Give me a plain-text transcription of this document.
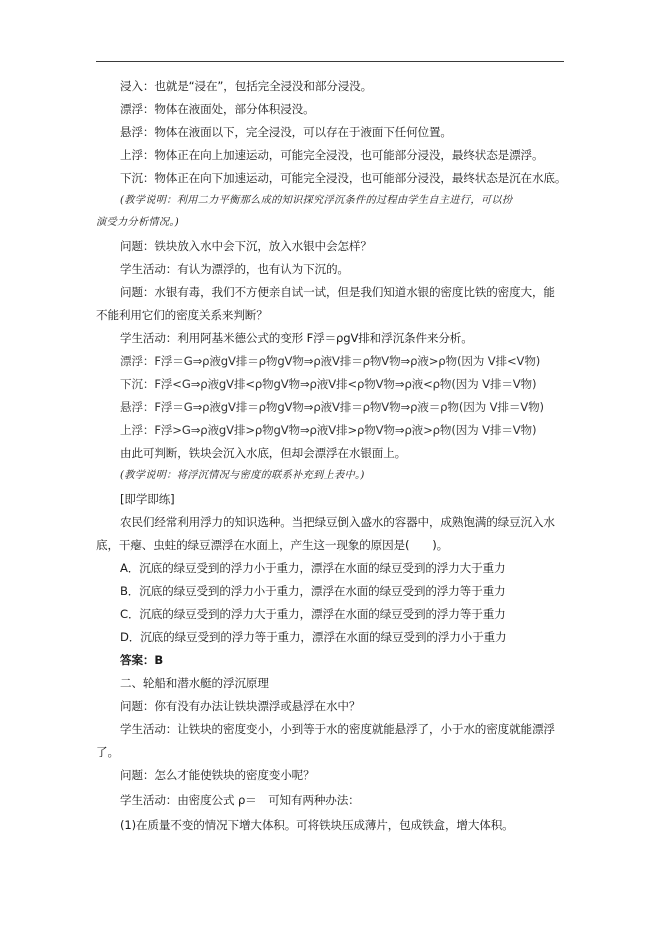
浸入：也就是“浸在”，包括完全浸没和部分浸没。
漂浮：物体在液面处，部分体积浸没。
悬浮：物体在液面以下，完全浸没，可以存在于液面下任何位置。
上浮：物体正在向上加速运动，可能完全浸没，也可能部分浸没，最终状态是漂浮。
下沉：物体正在向下加速运动，可能完全浸没，也可能部分浸没，最终状态是沉在水底。
(教学说明：利用二力平衡那么成的知识探究浮沉条件的过程由学生自主进行，可以扮
演受力分析情况。)
问题：铁块放入水中会下沉，放入水银中会怎样？
学生活动：有认为漂浮的，也有认为下沉的。
问题：水银有毒，我们不方便亲自试一试，但是我们知道水银的密度比铁的密度大，能
不能利用它们的密度关系来判断？
学生活动：利用阿基米德公式的变形 F浮＝ρgV排和浮沉条件来分析。
漂浮：F浮＝G⇒ρ液gV排＝ρ物gV物⇒ρ液V排＝ρ物V物⇒ρ液>ρ物(因为 V排<V物)
下沉：F浮<G⇒ρ液gV排<ρ物gV物⇒ρ液V排<ρ物V物⇒ρ液<ρ物(因为 V排＝V物)
悬浮：F浮＝G⇒ρ液gV排＝ρ物gV物⇒ρ液V排＝ρ物V物⇒ρ液＝ρ物(因为 V排＝V物)
上浮：F浮>G⇒ρ液gV排>ρ物gV物⇒ρ液V排>ρ物V物⇒ρ液>ρ物(因为 V排＝V物)
由此可判断，铁块会沉入水底，但却会漂浮在水银面上。
(教学说明：将浮沉情况与密度的联系补充到上表中。)
[即学即练]
农民们经常利用浮力的知识选种。当把绿豆倒入盛水的容器中，成熟饱满的绿豆沉入水
底，干瘪、虫蛀的绿豆漂浮在水面上，产生这一现象的原因是(　　)。
A．沉底的绿豆受到的浮力小于重力，漂浮在水面的绿豆受到的浮力大于重力
B．沉底的绿豆受到的浮力小于重力，漂浮在水面的绿豆受到的浮力等于重力
C．沉底的绿豆受到的浮力大于重力，漂浮在水面的绿豆受到的浮力等于重力
D．沉底的绿豆受到的浮力等于重力，漂浮在水面的绿豆受到的浮力小于重力
答案：B
二、轮船和潜水艇的浮沉原理
问题：你有没有办法让铁块漂浮或悬浮在水中？
学生活动：让铁块的密度变小，小到等于水的密度就能悬浮了，小于水的密度就能漂浮
了。
问题：怎么才能使铁块的密度变小呢？
学生活动：由密度公式 ρ＝　可知有两种办法：
(1)在质量不变的情况下增大体积。可将铁块压成薄片，包成铁盒，增大体积。
